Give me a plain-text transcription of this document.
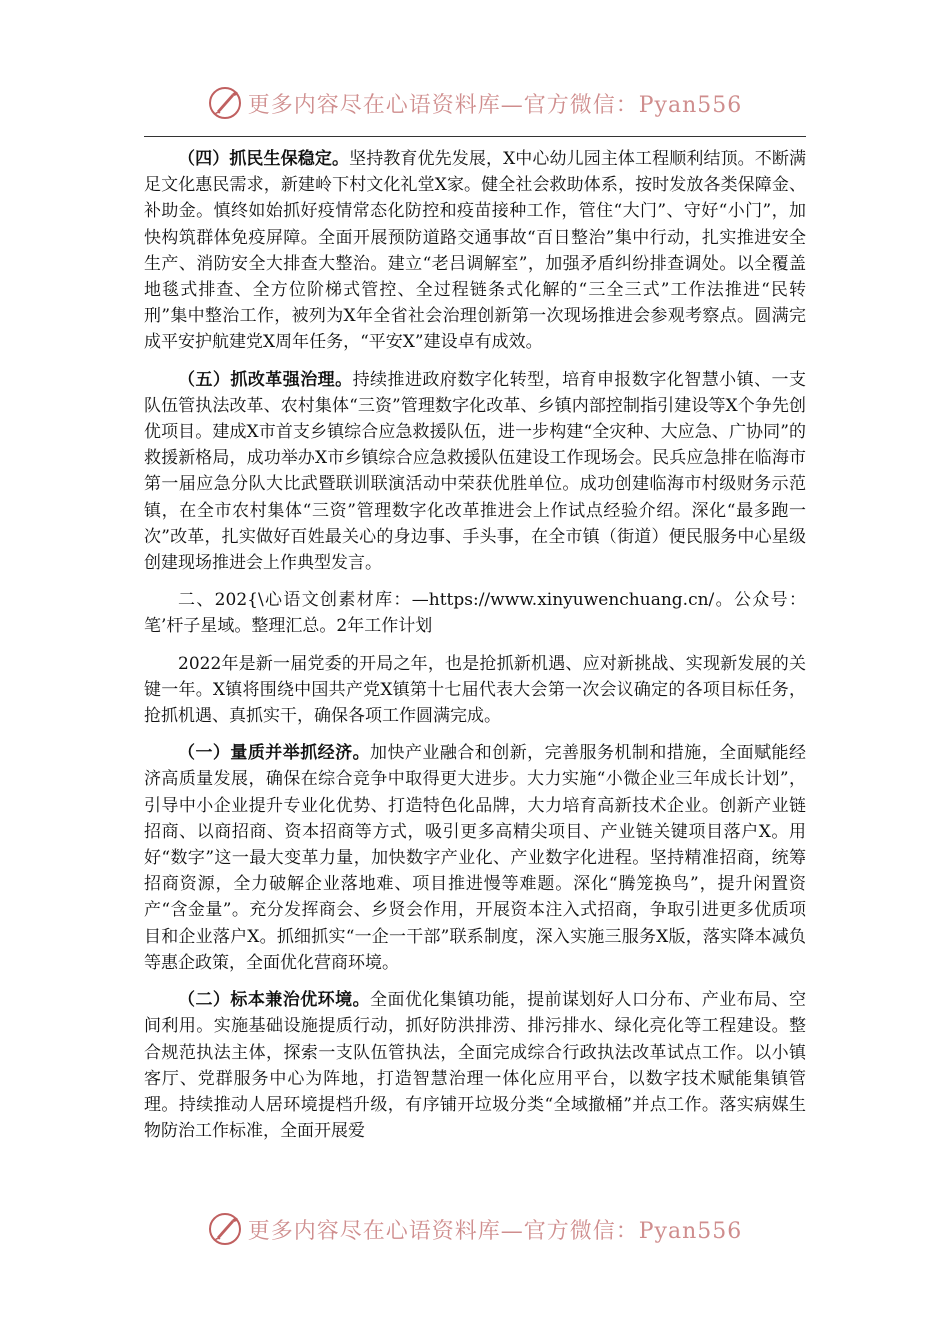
更多内容尽在心语资料库—官方微信：Pyan556

（四）抓民生保稳定。坚持教育优先发展，X中心幼儿园主体工程顺利结顶。不断满足文化惠民需求，新建岭下村文化礼堂X家。健全社会救助体系，按时发放各类保障金、补助金。慎终如始抓好疫情常态化防控和疫苗接种工作，管住“大门”、守好“小门”，加快构筑群体免疫屏障。全面开展预防道路交通事故“百日整治”集中行动，扎实推进安全生产、消防安全大排查大整治。建立“老吕调解室”，加强矛盾纠纷排查调处。以全覆盖地毯式排查、全方位阶梯式管控、全过程链条式化解的“三全三式”工作法推进“民转刑”集中整治工作，被列为X年全省社会治理创新第一次现场推进会参观考察点。圆满完成平安护航建党X周年任务，“平安X”建设卓有成效。

（五）抓改革强治理。持续推进政府数字化转型，培育申报数字化智慧小镇、一支队伍管执法改革、农村集体“三资”管理数字化改革、乡镇内部控制指引建设等X个争先创优项目。建成X市首支乡镇综合应急救援队伍，进一步构建“全灾种、大应急、广协同”的救援新格局，成功举办X市乡镇综合应急救援队伍建设工作现场会。民兵应急排在临海市第一届应急分队大比武暨联训联演活动中荣获优胜单位。成功创建临海市村级财务示范镇，在全市农村集体“三资”管理数字化改革推进会上作试点经验介绍。深化“最多跑一次”改革，扎实做好百姓最关心的身边事、手头事，在全市镇（街道）便民服务中心星级创建现场推进会上作典型发言。

二、202{\心语文创素材库：—https://www.xinyuwenchuang.cn/。公众号：笔’杆子星域。整理汇总。2年工作计划

2022年是新一届党委的开局之年，也是抢抓新机遇、应对新挑战、实现新发展的关键一年。X镇将围绕中国共产党X镇第十七届代表大会第一次会议确定的各项目标任务，抢抓机遇、真抓实干，确保各项工作圆满完成。

（一）量质并举抓经济。加快产业融合和创新，完善服务机制和措施，全面赋能经济高质量发展，确保在综合竞争中取得更大进步。大力实施“小微企业三年成长计划”，引导中小企业提升专业化优势、打造特色化品牌，大力培育高新技术企业。创新产业链招商、以商招商、资本招商等方式，吸引更多高精尖项目、产业链关键项目落户X。用好“数字”这一最大变革力量，加快数字产业化、产业数字化进程。坚持精准招商，统筹招商资源，全力破解企业落地难、项目推进慢等难题。深化“腾笼换鸟”，提升闲置资产“含金量”。充分发挥商会、乡贤会作用，开展资本注入式招商，争取引进更多优质项目和企业落户X。抓细抓实“一企一干部”联系制度，深入实施三服务X版，落实降本减负等惠企政策，全面优化营商环境。

（二）标本兼治优环境。全面优化集镇功能，提前谋划好人口分布、产业布局、空间利用。实施基础设施提质行动，抓好防洪排涝、排污排水、绿化亮化等工程建设。整合规范执法主体，探索一支队伍管执法，全面完成综合行政执法改革试点工作。以小镇客厅、党群服务中心为阵地，打造智慧治理一体化应用平台，以数字技术赋能集镇管理。持续推动人居环境提档升级，有序铺开垃圾分类“全域撤桶”并点工作。落实病媒生物防治工作标准，全面开展爱

更多内容尽在心语资料库—官方微信：Pyan556
